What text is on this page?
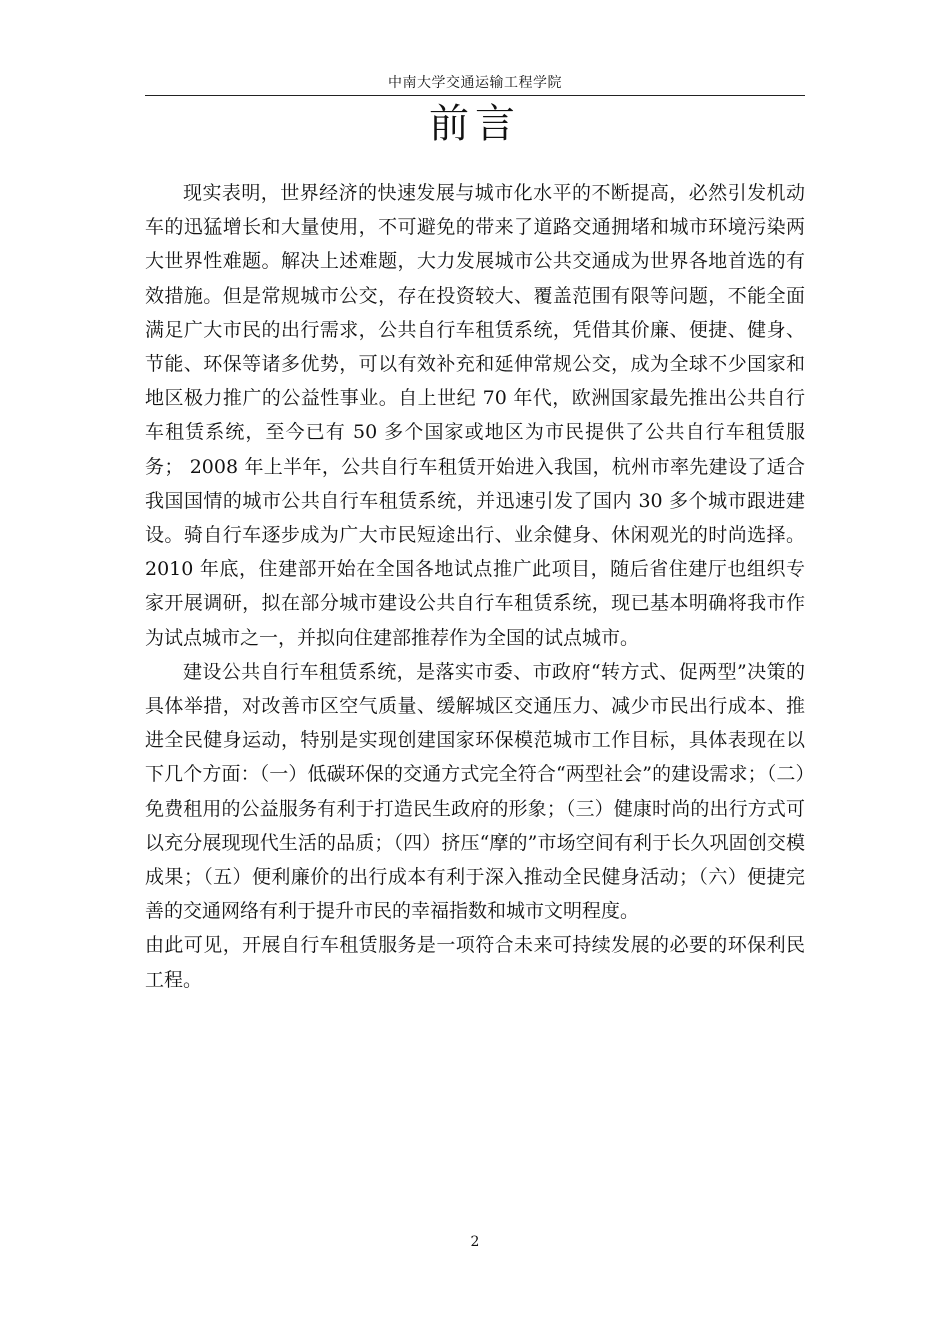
中南大学交通运输工程学院
前言

现实表明，世界经济的快速发展与城市化水平的不断提高，必然引发机动车的迅猛增长和大量使用，不可避免的带来了道路交通拥堵和城市环境污染两大世界性难题。解决上述难题，大力发展城市公共交通成为世界各地首选的有效措施。但是常规城市公交，存在投资较大、覆盖范围有限等问题，不能全面满足广大市民的出行需求，公共自行车租赁系统，凭借其价廉、便捷、健身、节能、环保等诸多优势，可以有效补充和延伸常规公交，成为全球不少国家和地区极力推广的公益性事业。自上世纪 70 年代，欧洲国家最先推出公共自行车租赁系统，至今已有 50 多个国家或地区为市民提供了公共自行车租赁服务； 2008 年上半年，公共自行车租赁开始进入我国，杭州市率先建设了适合我国国情的城市公共自行车租赁系统，并迅速引发了国内 30 多个城市跟进建设。骑自行车逐步成为广大市民短途出行、业余健身、休闲观光的时尚选择。2010 年底，住建部开始在全国各地试点推广此项目，随后省住建厅也组织专家开展调研，拟在部分城市建设公共自行车租赁系统，现已基本明确将我市作为试点城市之一，并拟向住建部推荐作为全国的试点城市。

建设公共自行车租赁系统，是落实市委、市政府“转方式、促两型”决策的具体举措，对改善市区空气质量、缓解城区交通压力、减少市民出行成本、推进全民健身运动，特别是实现创建国家环保模范城市工作目标，具体表现在以下几个方面：（一）低碳环保的交通方式完全符合“两型社会”的建设需求；（二）免费租用的公益服务有利于打造民生政府的形象；（三）健康时尚的出行方式可以充分展现现代生活的品质；（四）挤压“摩的”市场空间有利于长久巩固创交模成果；（五）便利廉价的出行成本有利于深入推动全民健身活动；（六）便捷完善的交通网络有利于提升市民的幸福指数和城市文明程度。

由此可见，开展自行车租赁服务是一项符合未来可持续发展的必要的环保利民工程。

2
